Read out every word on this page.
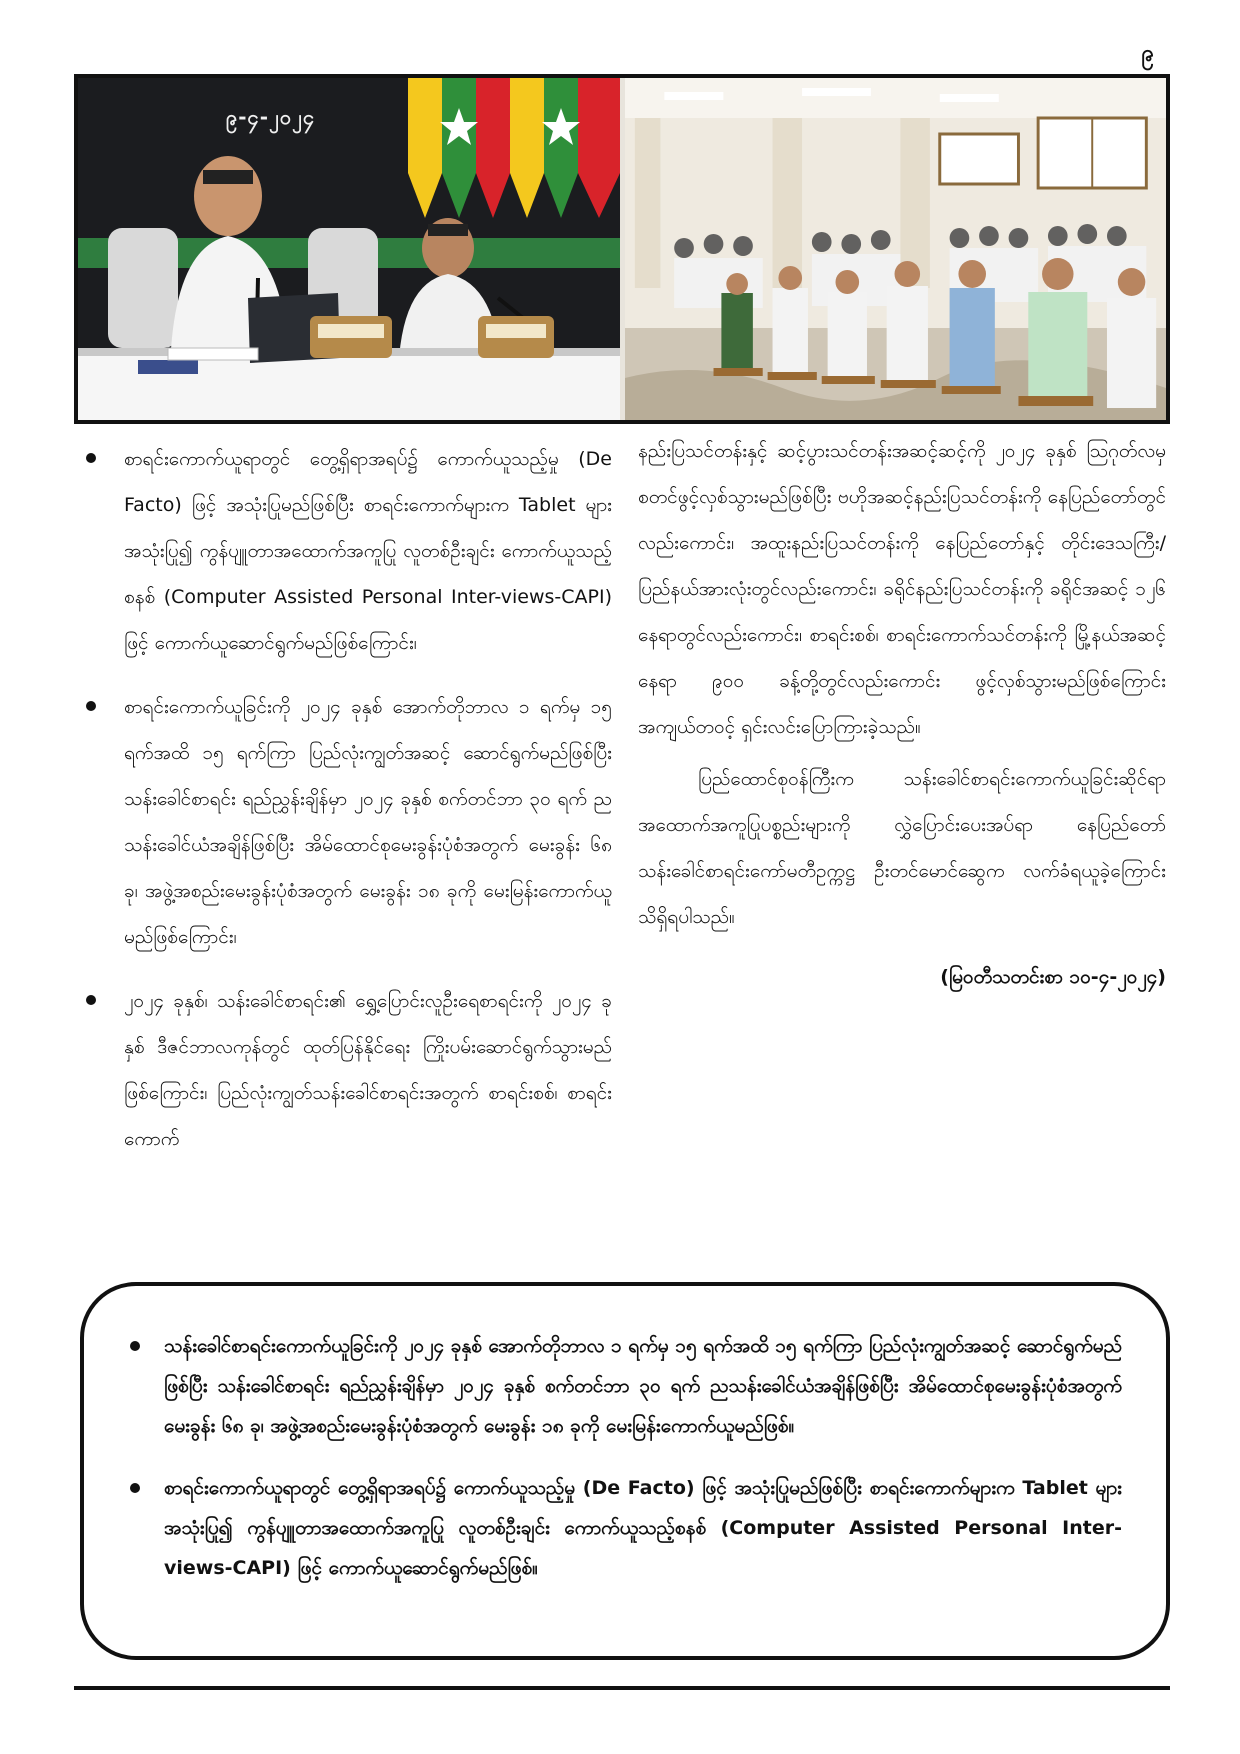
၉
၉-၄-၂၀၂၄
စာရင်းကောက်ယူရာတွင် တွေ့ရှိရာအရပ်၌ ကောက်ယူသည့်မှု (De Facto) ဖြင့် အသုံးပြုမည်ဖြစ်ပြီး စာရင်းကောက်များက Tablet များ အသုံးပြု၍ ကွန်ပျူတာအထောက်အကူပြု လူတစ်ဦးချင်း ကောက်ယူသည့်စနစ် (Computer Assisted Personal Inter-views-CAPI) ဖြင့် ကောက်ယူဆောင်ရွက်မည်ဖြစ်ကြောင်း၊
စာရင်းကောက်ယူခြင်းကို ၂၀၂၄ ခုနှစ် အောက်တိုဘာလ ၁ ရက်မှ ၁၅ ရက်အထိ ၁၅ ရက်ကြာ ပြည်လုံးကျွတ်အဆင့် ဆောင်ရွက်မည်ဖြစ်ပြီး သန်းခေါင်စာရင်း ရည်ညွှန်းချိန်မှာ ၂၀၂၄ ခုနှစ် စက်တင်ဘာ ၃၀ ရက် ညသန်းခေါင်ယံအချိန်ဖြစ်ပြီး အိမ်ထောင်စုမေးခွန်းပုံစံအတွက် မေးခွန်း ၆၈ ခု၊ အဖွဲ့အစည်းမေးခွန်းပုံစံအတွက် မေးခွန်း ၁၈ ခုကို မေးမြန်းကောက်ယူမည်ဖြစ်ကြောင်း၊
၂၀၂၄ ခုနှစ်၊ သန်းခေါင်စာရင်း၏ ရွှေ့ပြောင်းလူဦးရေစာရင်းကို ၂၀၂၄ ခုနှစ် ဒီဇင်ဘာလကုန်တွင် ထုတ်ပြန်နိုင်ရေး ကြိုးပမ်းဆောင်ရွက်သွားမည်ဖြစ်ကြောင်း၊ ပြည်လုံးကျွတ်သန်းခေါင်စာရင်းအတွက် စာရင်းစစ်၊ စာရင်းကောက်

နည်းပြသင်တန်းနှင့် ဆင့်ပွားသင်တန်းအဆင့်ဆင့်ကို ၂၀၂၄ ခုနှစ် ဩဂုတ်လမှ စတင်ဖွင့်လှစ်သွားမည်ဖြစ်ပြီး ဗဟိုအဆင့်နည်းပြသင်တန်းကို နေပြည်တော်တွင်လည်းကောင်း၊ အထူးနည်းပြသင်တန်းကို နေပြည်တော်နှင့် တိုင်းဒေသကြီး/ပြည်နယ်အားလုံးတွင်လည်းကောင်း၊ ခရိုင်နည်းပြသင်တန်းကို ခရိုင်အဆင့် ၁၂၆ နေရာတွင်လည်းကောင်း၊ စာရင်းစစ်၊ စာရင်းကောက်သင်တန်းကို မြို့နယ်အဆင့်နေရာ ၉၀၀ ခန့်တို့တွင်လည်းကောင်း ဖွင့်လှစ်သွားမည်ဖြစ်ကြောင်း အကျယ်တဝင့် ရှင်းလင်းပြောကြားခဲ့သည်။

ပြည်ထောင်စုဝန်ကြီးက သန်းခေါင်စာရင်းကောက်ယူခြင်းဆိုင်ရာ အထောက်အကူပြုပစ္စည်းများကို လွှဲပြောင်းပေးအပ်ရာ နေပြည်တော်သန်းခေါင်စာရင်းကော်မတီဥက္ကဋ္ဌ ဦးတင်မောင်ဆွေက လက်ခံရယူခဲ့ကြောင်း သိရှိရပါသည်။

(မြဝတီသတင်းစာ ၁၀-၄-၂၀၂၄)
သန်းခေါင်စာရင်းကောက်ယူခြင်းကို ၂၀၂၄ ခုနှစ် အောက်တိုဘာလ ၁ ရက်မှ ၁၅ ရက်အထိ ၁၅ ရက်ကြာ ပြည်လုံးကျွတ်အဆင့် ဆောင်ရွက်မည်ဖြစ်ပြီး သန်းခေါင်စာရင်း ရည်ညွှန်းချိန်မှာ ၂၀၂၄ ခုနှစ် စက်တင်ဘာ ၃၀ ရက် ညသန်းခေါင်ယံအချိန်ဖြစ်ပြီး အိမ်ထောင်စုမေးခွန်းပုံစံအတွက် မေးခွန်း ၆၈ ခု၊ အဖွဲ့အစည်းမေးခွန်းပုံစံအတွက် မေးခွန်း ၁၈ ခုကို မေးမြန်းကောက်ယူမည်ဖြစ်။
စာရင်းကောက်ယူရာတွင် တွေ့ရှိရာအရပ်၌ ကောက်ယူသည့်မှု (De Facto) ဖြင့် အသုံးပြုမည်ဖြစ်ပြီး စာရင်းကောက်များက Tablet များ အသုံးပြု၍ ကွန်ပျူတာအထောက်အကူပြု လူတစ်ဦးချင်း ကောက်ယူသည့်စနစ် (Computer Assisted Personal Inter-views-CAPI) ဖြင့် ကောက်ယူဆောင်ရွက်မည်ဖြစ်။
